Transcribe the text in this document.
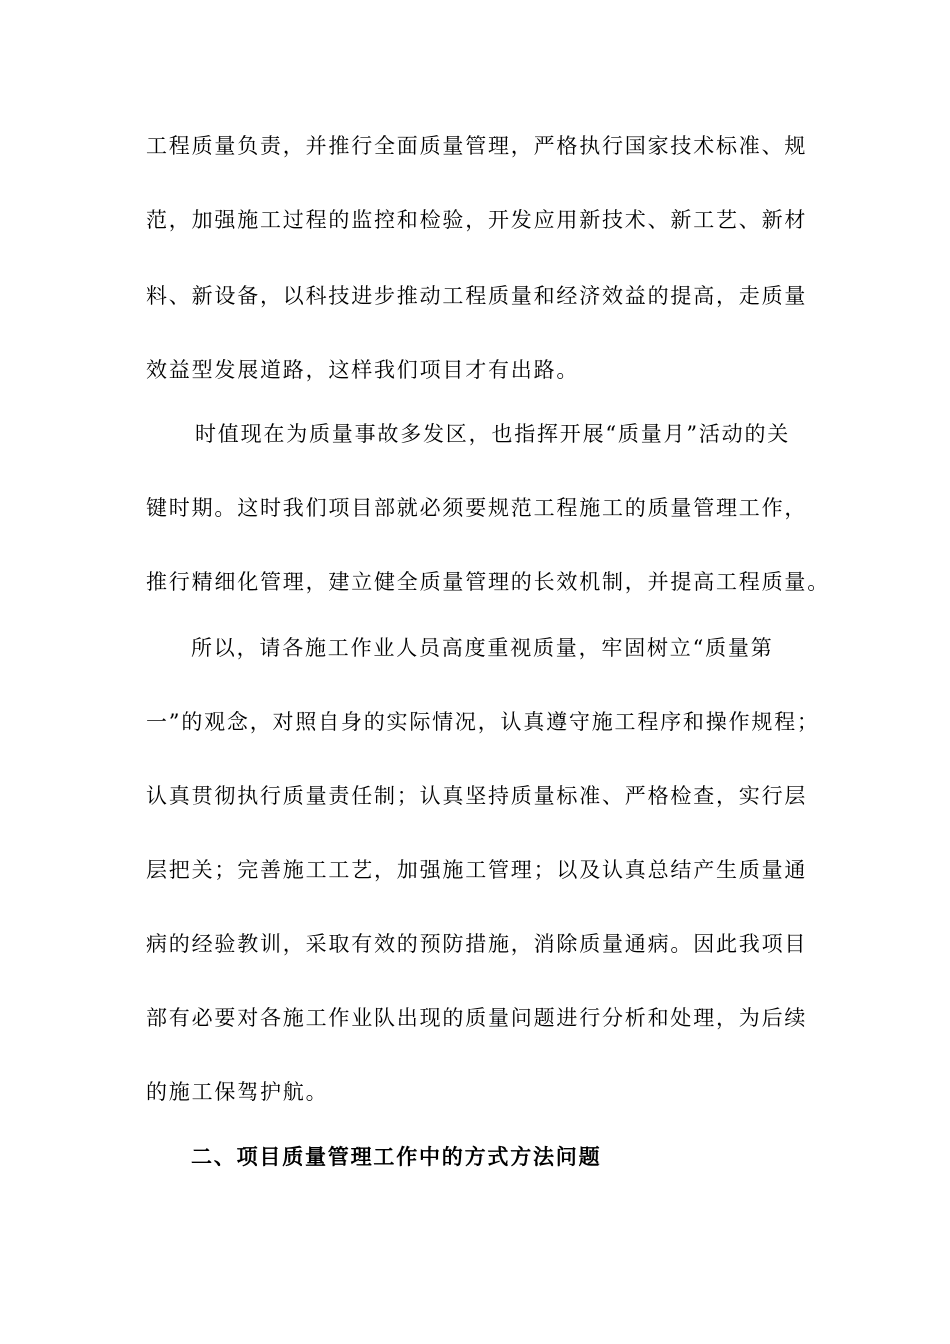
工程质量负责，并推行全面质量管理，严格执行国家技术标准、规
范，加强施工过程的监控和检验，开发应用新技术、新工艺、新材
料、新设备，以科技进步推动工程质量和经济效益的提高，走质量
效益型发展道路，这样我们项目才有出路。
时值现在为质量事故多发区，也指挥开展“质量月”活动的关
键时期。这时我们项目部就必须要规范工程施工的质量管理工作，
推行精细化管理，建立健全质量管理的长效机制，并提高工程质量。
所以，请各施工作业人员高度重视质量，牢固树立“质量第
一”的观念，对照自身的实际情况，认真遵守施工程序和操作规程；
认真贯彻执行质量责任制；认真坚持质量标准、严格检查，实行层
层把关；完善施工工艺，加强施工管理；以及认真总结产生质量通
病的经验教训，采取有效的预防措施，消除质量通病。因此我项目
部有必要对各施工作业队出现的质量问题进行分析和处理，为后续
的施工保驾护航。
二、项目质量管理工作中的方式方法问题
